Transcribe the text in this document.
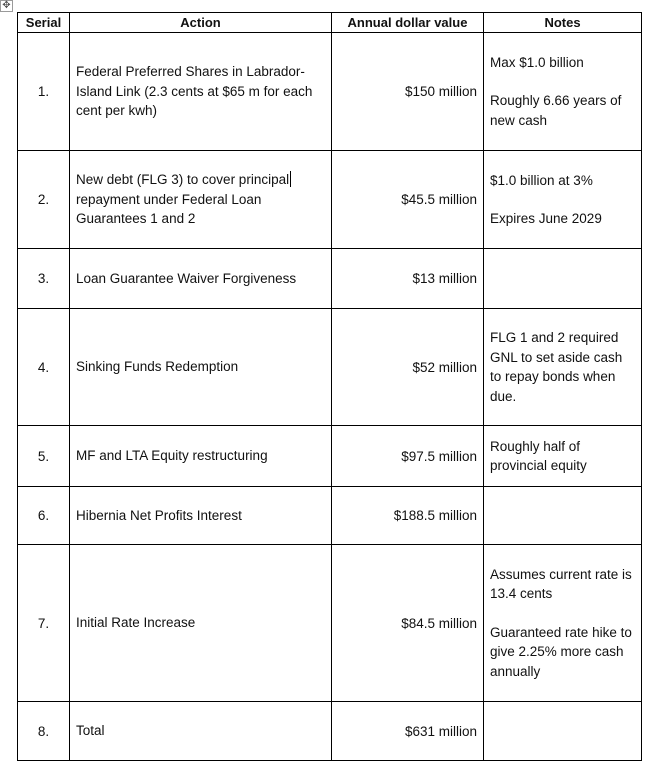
✥
Serial	Action	Annual dollar value	Notes
1.	Federal Preferred Shares in Labrador-Island Link (2.3 cents at $65 m for each cent per kwh)	$150 million	Max $1.0 billion
Roughly 6.66 years of new cash

2.	New debt (FLG 3) to cover principal repayment under Federal Loan Guarantees 1 and 2	$45.5 million	$1.0 billion at 3%
Expires June 2029

3.	Loan Guarantee Waiver Forgiveness	$13 million	
4.	Sinking Funds Redemption	$52 million	FLG 1 and 2 required GNL to set aside cash to repay bonds when due.

5.	MF and LTA Equity restructuring	$97.5 million	Roughly half of provincial equity

6.	Hibernia Net Profits Interest	$188.5 million	
7.	Initial Rate Increase	$84.5 million	Assumes current rate is 13.4 cents
Guaranteed rate hike to give 2.25% more cash annually

8.	Total	$631 million	
